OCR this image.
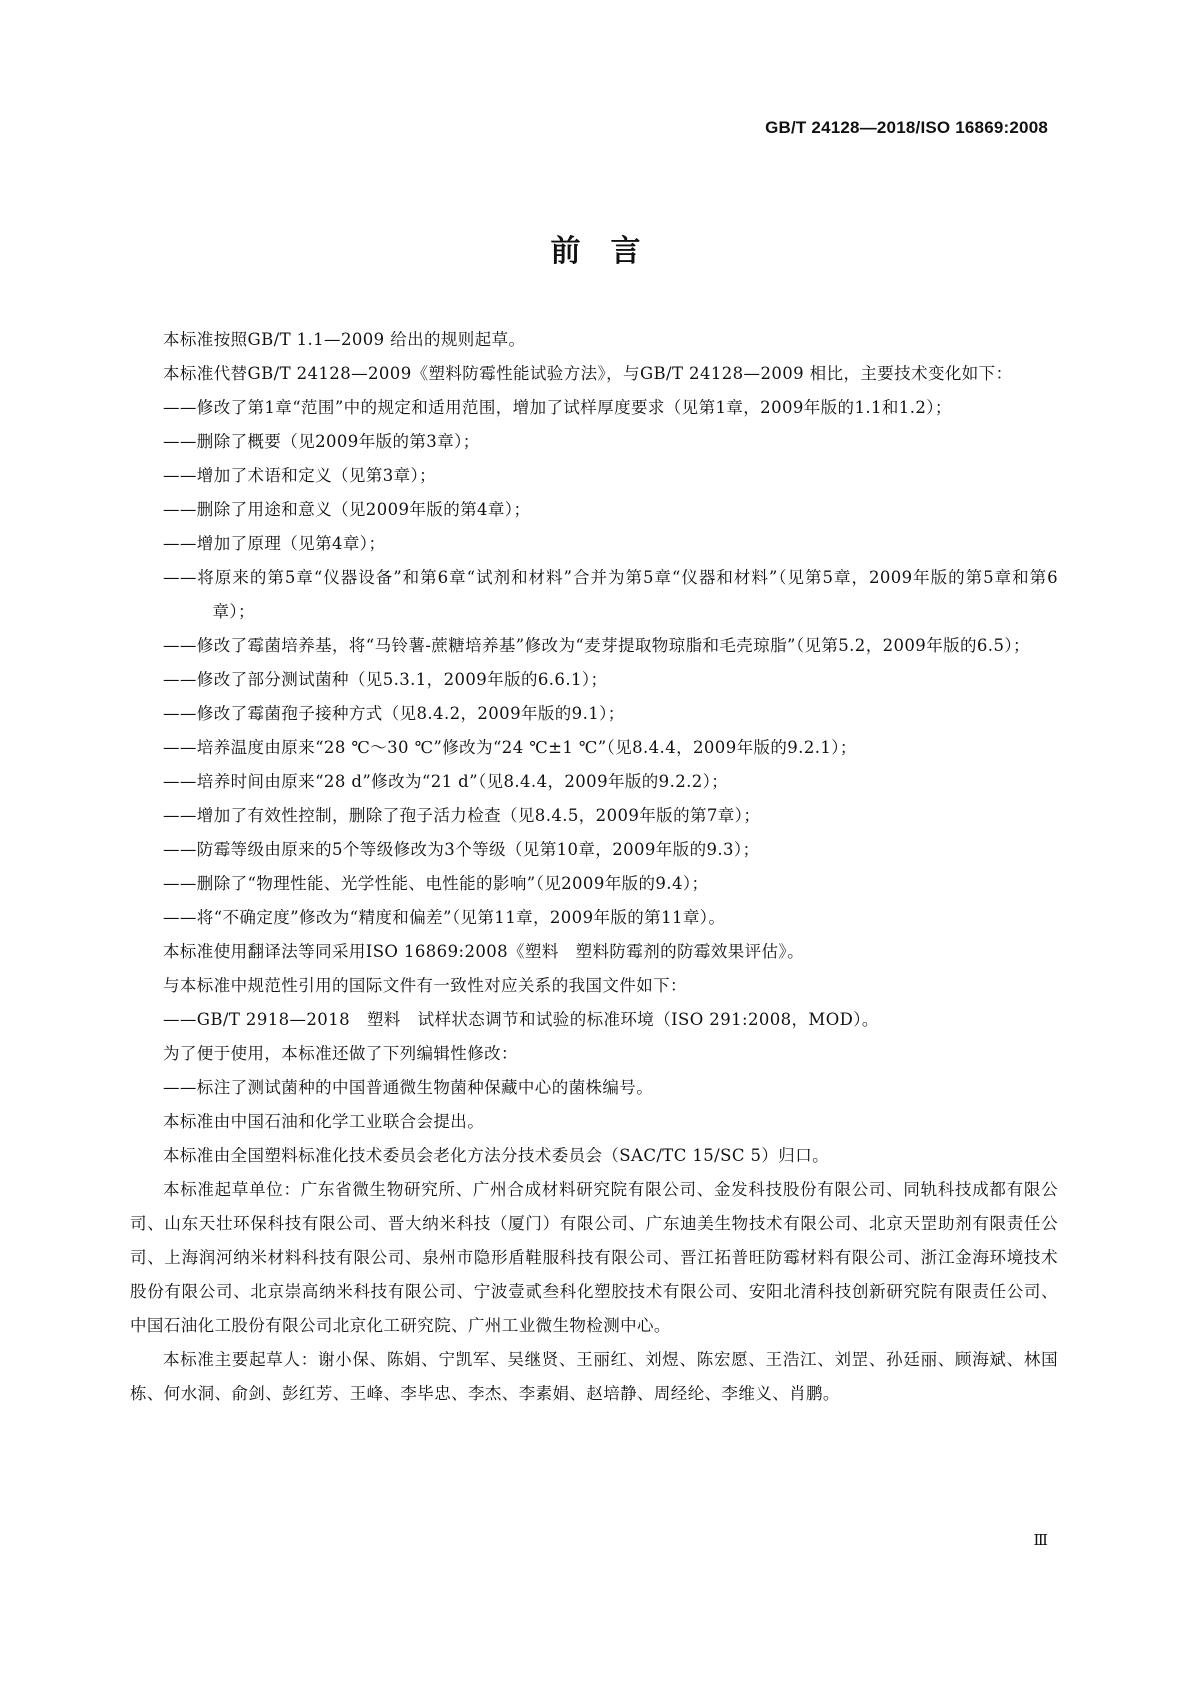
GB/T 24128—2018/ISO 16869:2008
前言

本标准按照GB/T 1.1—2009 给出的规则起草。

本标准代替GB/T 24128—2009《塑料防霉性能试验方法》，与GB/T 24128—2009 相比，主要技术变化如下：

——修改了第1章“范围”中的规定和适用范围，增加了试样厚度要求（见第1章，2009年版的1.1和1.2）；

——删除了概要（见2009年版的第3章）；

——增加了术语和定义（见第3章）；

——删除了用途和意义（见2009年版的第4章）；

——增加了原理（见第4章）；

——将原来的第5章“仪器设备”和第6章“试剂和材料”合并为第5章“仪器和材料”（见第5章，2009年版的第5章和第6章）；

——修改了霉菌培养基，将“马铃薯-蔗糖培养基”修改为“麦芽提取物琼脂和毛壳琼脂”（见第5.2，2009年版的6.5）；

——修改了部分测试菌种（见5.3.1，2009年版的6.6.1）；

——修改了霉菌孢子接种方式（见8.4.2，2009年版的9.1）；

——培养温度由原来“28 ℃～30 ℃”修改为“24 ℃±1 ℃”（见8.4.4，2009年版的9.2.1）；

——培养时间由原来“28 d”修改为“21 d”（见8.4.4，2009年版的9.2.2）；

——增加了有效性控制，删除了孢子活力检查（见8.4.5，2009年版的第7章）；

——防霉等级由原来的5个等级修改为3个等级（见第10章，2009年版的9.3）；

——删除了“物理性能、光学性能、电性能的影响”（见2009年版的9.4）；

——将“不确定度”修改为“精度和偏差”（见第11章，2009年版的第11章）。

本标准使用翻译法等同采用ISO 16869:2008《塑料　塑料防霉剂的防霉效果评估》。

与本标准中规范性引用的国际文件有一致性对应关系的我国文件如下：

——GB/T 2918—2018　塑料　试样状态调节和试验的标准环境（ISO 291:2008，MOD）。

为了便于使用，本标准还做了下列编辑性修改：

——标注了测试菌种的中国普通微生物菌种保藏中心的菌株编号。

本标准由中国石油和化学工业联合会提出。

本标准由全国塑料标准化技术委员会老化方法分技术委员会（SAC/TC 15/SC 5）归口。

本标准起草单位：广东省微生物研究所、广州合成材料研究院有限公司、金发科技股份有限公司、同轨科技成都有限公司、山东天壮环保科技有限公司、晋大纳米科技（厦门）有限公司、广东迪美生物技术有限公司、北京天罡助剂有限责任公司、上海润河纳米材料科技有限公司、泉州市隐形盾鞋服科技有限公司、晋江拓普旺防霉材料有限公司、浙江金海环境技术股份有限公司、北京崇高纳米科技有限公司、宁波壹贰叁科化塑胶技术有限公司、安阳北清科技创新研究院有限责任公司、中国石油化工股份有限公司北京化工研究院、广州工业微生物检测中心。

本标准主要起草人：谢小保、陈娟、宁凯军、吴继贤、王丽红、刘煜、陈宏愿、王浩江、刘罡、孙廷丽、顾海斌、林国栋、何水洞、俞剑、彭红芳、王峰、李毕忠、李杰、李素娟、赵培静、周经纶、李维义、肖鹏。

Ⅲ
